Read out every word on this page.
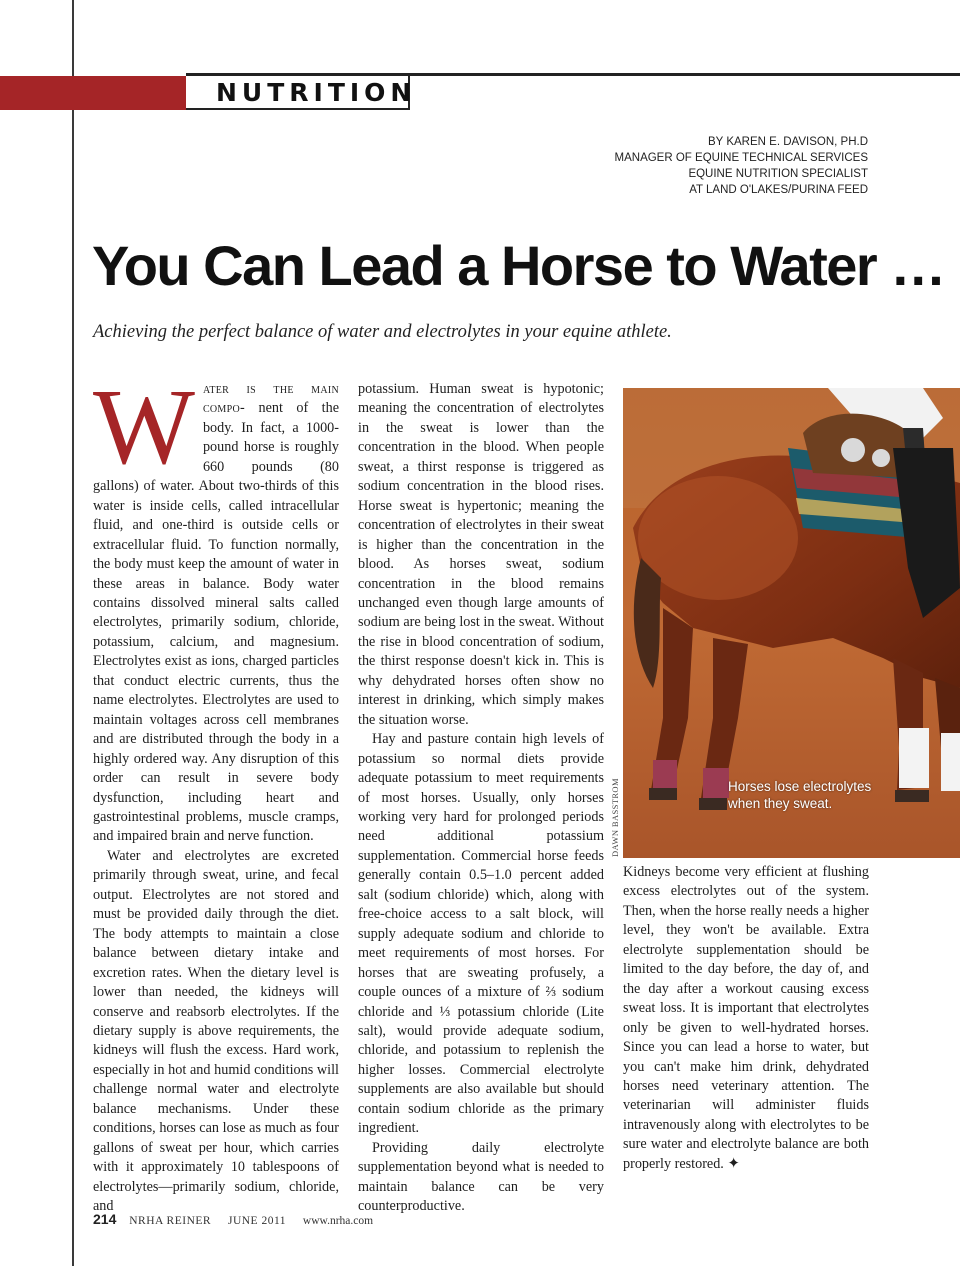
NUTRITION
BY KAREN E. DAVISON, PH.D
MANAGER OF EQUINE TECHNICAL SERVICES
EQUINE NUTRITION SPECIALIST
AT LAND O'LAKES/PURINA FEED
You Can Lead a Horse to Water …
Achieving the perfect balance of water and electrolytes in your equine athlete.

Water is the main compo- nent of the body. In fact, a 1000-pound horse is roughly 660 pounds (80 gallons) of water. About two-thirds of this water is inside cells, called intracellular fluid, and one-third is outside cells or extracellular fluid. To function normally, the body must keep the amount of water in these areas in balance. Body water contains dissolved mineral salts called electrolytes, primarily sodium, chloride, potassium, calcium, and magnesium. Electrolytes exist as ions, charged particles that conduct electric currents, thus the name electrolytes. Electrolytes are used to maintain voltages across cell membranes and are distributed through the body in a highly ordered way. Any disruption of this order can result in severe body dysfunction, including heart and gastrointestinal problems, muscle cramps, and impaired brain and nerve function.

Water and electrolytes are excreted primarily through sweat, urine, and fecal output. Electrolytes are not stored and must be provided daily through the diet. The body attempts to maintain a close balance between dietary intake and excretion rates. When the dietary level is lower than needed, the kidneys will conserve and reabsorb electrolytes. If the dietary supply is above requirements, the kidneys will flush the excess. Hard work, especially in hot and humid conditions will challenge normal water and electrolyte balance mechanisms. Under these conditions, horses can lose as much as four gallons of sweat per hour, which carries with it approximately 10 tablespoons of electrolytes—primarily sodium, chloride, and

potassium. Human sweat is hypotonic; meaning the concentration of electrolytes in the sweat is lower than the concentration in the blood. When people sweat, a thirst response is triggered as sodium concentration in the blood rises. Horse sweat is hypertonic; meaning the concentration of electrolytes in their sweat is higher than the concentration in the blood. As horses sweat, sodium concentration in the blood remains unchanged even though large amounts of sodium are being lost in the sweat. Without the rise in blood concentration of sodium, the thirst response doesn't kick in. This is why dehydrated horses often show no interest in drinking, which simply makes the situation worse.

Hay and pasture contain high levels of potassium so normal diets provide adequate potassium to meet requirements of most horses. Usually, only horses working very hard for prolonged periods need additional potassium supplementation. Commercial horse feeds generally contain 0.5–1.0 percent added salt (sodium chloride) which, along with free-choice access to a salt block, will supply adequate sodium and chloride to meet requirements of most horses. For horses that are sweating profusely, a couple ounces of a mixture of ⅔ sodium chloride and ⅓ potassium chloride (Lite salt), would provide adequate sodium, chloride, and potassium to replenish the higher losses. Commercial electrolyte supplements are also available but should contain sodium chloride as the primary ingredient.

Providing daily electrolyte supplementation beyond what is needed to maintain balance can be very counterproductive.

Horses lose electrolytes
when they sweat.
DAWN BASSTROM

Kidneys become very efficient at flushing excess electrolytes out of the system. Then, when the horse really needs a higher level, they won't be available. Extra electrolyte supplementation should be limited to the day before, the day of, and the day after a workout causing excess sweat loss. It is important that electrolytes only be given to well-hydrated horses. Since you can lead a horse to water, but you can't make him drink, dehydrated horses need veterinary attention. The veterinarian will administer fluids intravenously along with electrolytes to be sure water and electrolyte balance are both properly restored. ✦

214 NRHA REINER JUNE 2011 www.nrha.com
